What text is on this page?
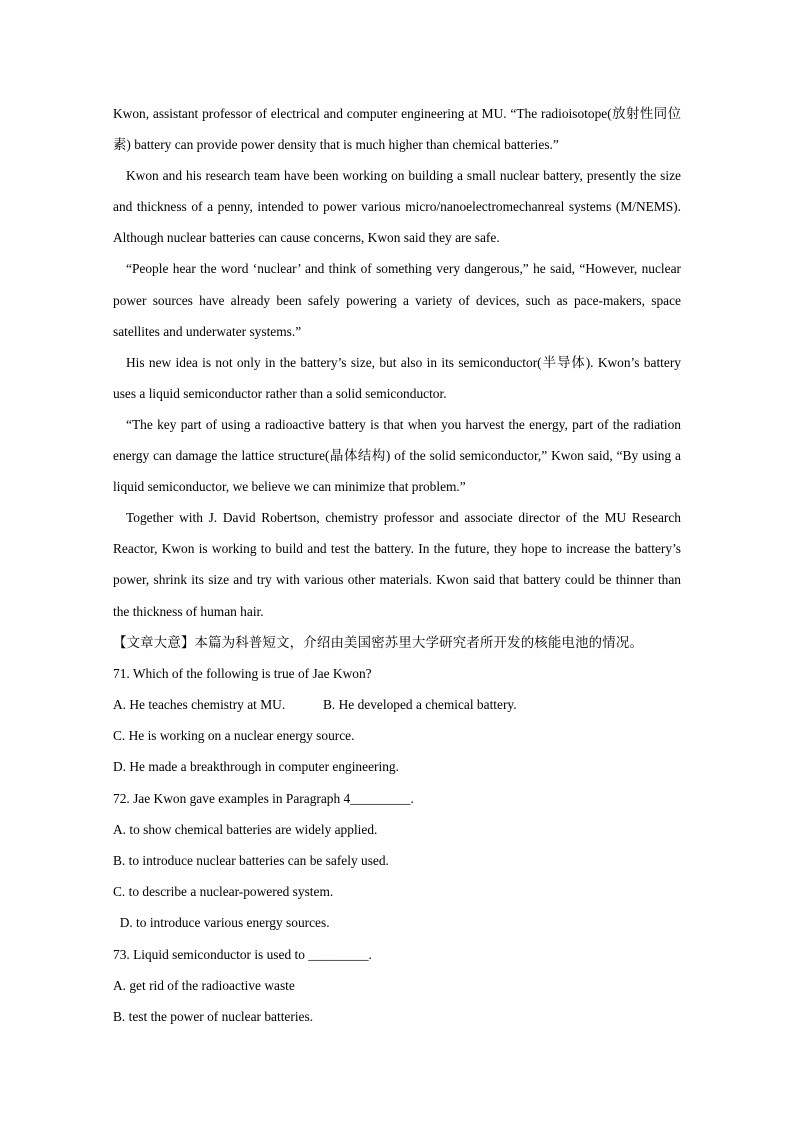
Kwon, assistant professor of electrical and computer engineering at MU. “The radioisotope(放射性同位素) battery can provide power density that is much higher than chemical batteries.”

Kwon and his research team have been working on building a small nuclear battery, presently the size and thickness of a penny, intended to power various micro/nanoelectromechanreal systems (M/NEMS). Although nuclear batteries can cause concerns, Kwon said they are safe.

“People hear the word ‘nuclear’ and think of something very dangerous,” he said, “However, nuclear power sources have already been safely powering a variety of devices, such as pace-makers, space satellites and underwater systems.”

His new idea is not only in the battery’s size, but also in its semiconductor(半导体). Kwon’s battery uses a liquid semiconductor rather than a solid semiconductor.

“The key part of using a radioactive battery is that when you harvest the energy, part of the radiation energy can damage the lattice structure(晶体结构) of the solid semiconductor,” Kwon said, “By using a liquid semiconductor, we believe we can minimize that problem.”

Together with J. David Robertson, chemistry professor and associate director of the MU Research Reactor, Kwon is working to build and test the battery. In the future, they hope to increase the battery’s power, shrink its size and try with various other materials. Kwon said that battery could be thinner than the thickness of human hair.

【文章大意】本篇为科普短文，介绍由美国密苏里大学研究者所开发的核能电池的情况。

71. Which of the following is true of Jae Kwon?

A. He teaches chemistry at MU.	B. He developed a chemical battery.

C. He is working on a nuclear energy source.

D. He made a breakthrough in computer engineering.

72. Jae Kwon gave examples in Paragraph 4_________.

A. to show chemical batteries are widely applied.

B. to introduce nuclear batteries can be safely used.

C. to describe a nuclear-powered system.

D. to introduce various energy sources.

73. Liquid semiconductor is used to _________.

A. get rid of the radioactive waste

B. test the power of nuclear batteries.
